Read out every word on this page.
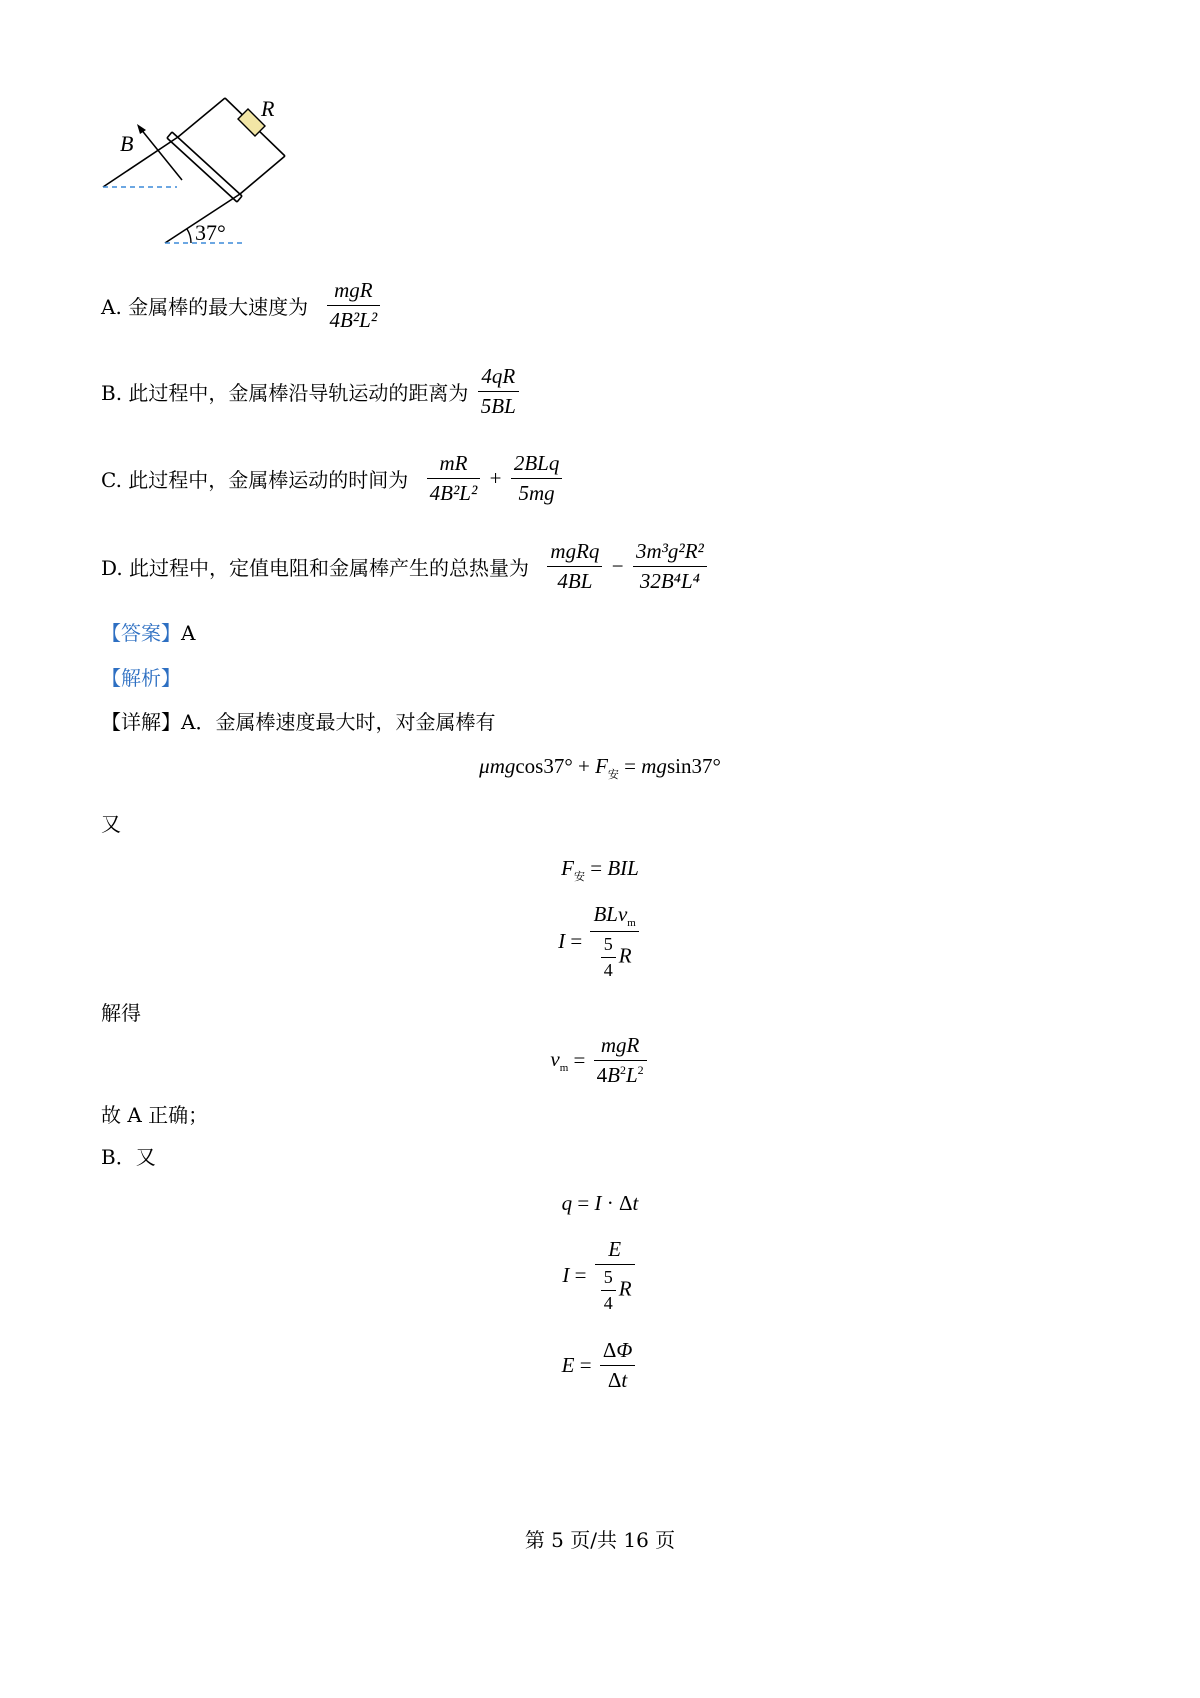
R
B
37°
A. 金属棒的最大速度为 $\frac{\text{mgR}}{\text{4B²L²}}$
B. 此过程中，金属棒沿导轨运动的距离为 $\frac{4qR}{5BL}$
C. 此过程中，金属棒运动的时间为 $\frac{mR}{\text{4B²L²}} + \frac{\text{2BLq}}{5mg}$
D. 此过程中，定值电阻和金属棒产生的总热量为 $\frac{\text{mgRq}}{4BL} - \frac{\text{3m³g²R²}}{\text{32B⁴L⁴}}$
【答案】A
【解析】
【详解】A．金属棒速度最大时，对金属棒有
$\mu mgcos37^\circ + F_安 = mgsin37^\circ$
又
$F_安$ = BIL
$I = \frac{BLv_m}{\frac{5}{4} R}$
解得
$v_m = \frac{\text{mgR}}{4B^2L^2}$
故 A 正确；
B．又
q = I · Δt
$I = \frac{E}{\frac{5}{4} R}$
$E = \frac{\Delta\Phi}{\Delta t}$
第 5 页/共 16 页
